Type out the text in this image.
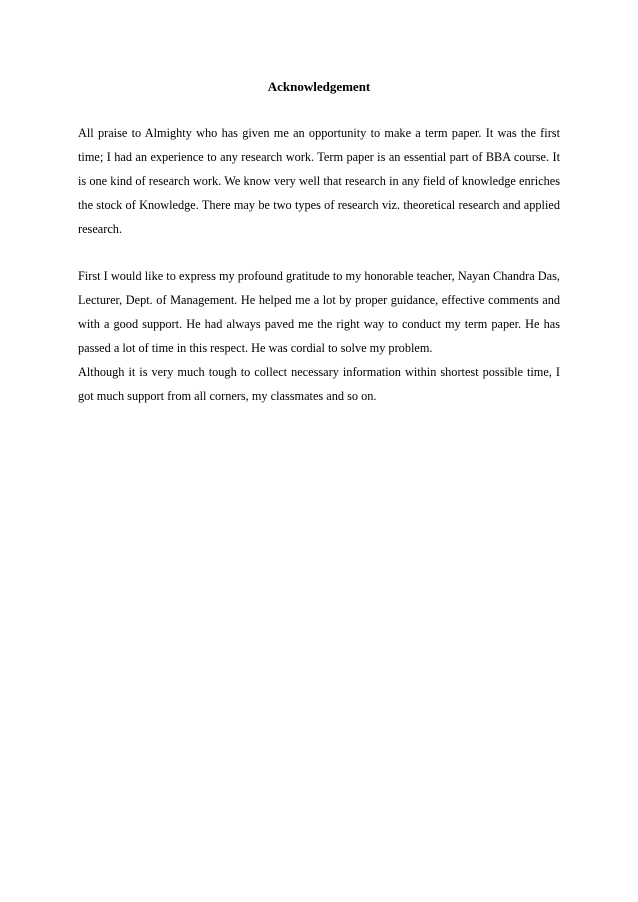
Acknowledgement

All praise to Almighty who has given me an opportunity to make a term paper. It was the first time; I had an experience to any research work. Term paper is an essential part of BBA course. It is one kind of research work. We know very well that research in any field of knowledge enriches the stock of Knowledge. There may be two types of research viz. theoretical research and applied research.

First I would like to express my profound gratitude to my honorable teacher, Nayan Chandra Das, Lecturer, Dept. of Management. He helped me a lot by proper guidance, effective comments and with a good support. He had always paved me the right way to conduct my term paper. He has passed a lot of time in this respect. He was cordial to solve my problem.

Although it is very much tough to collect necessary information within shortest possible time, I got much support from all corners, my classmates and so on.
